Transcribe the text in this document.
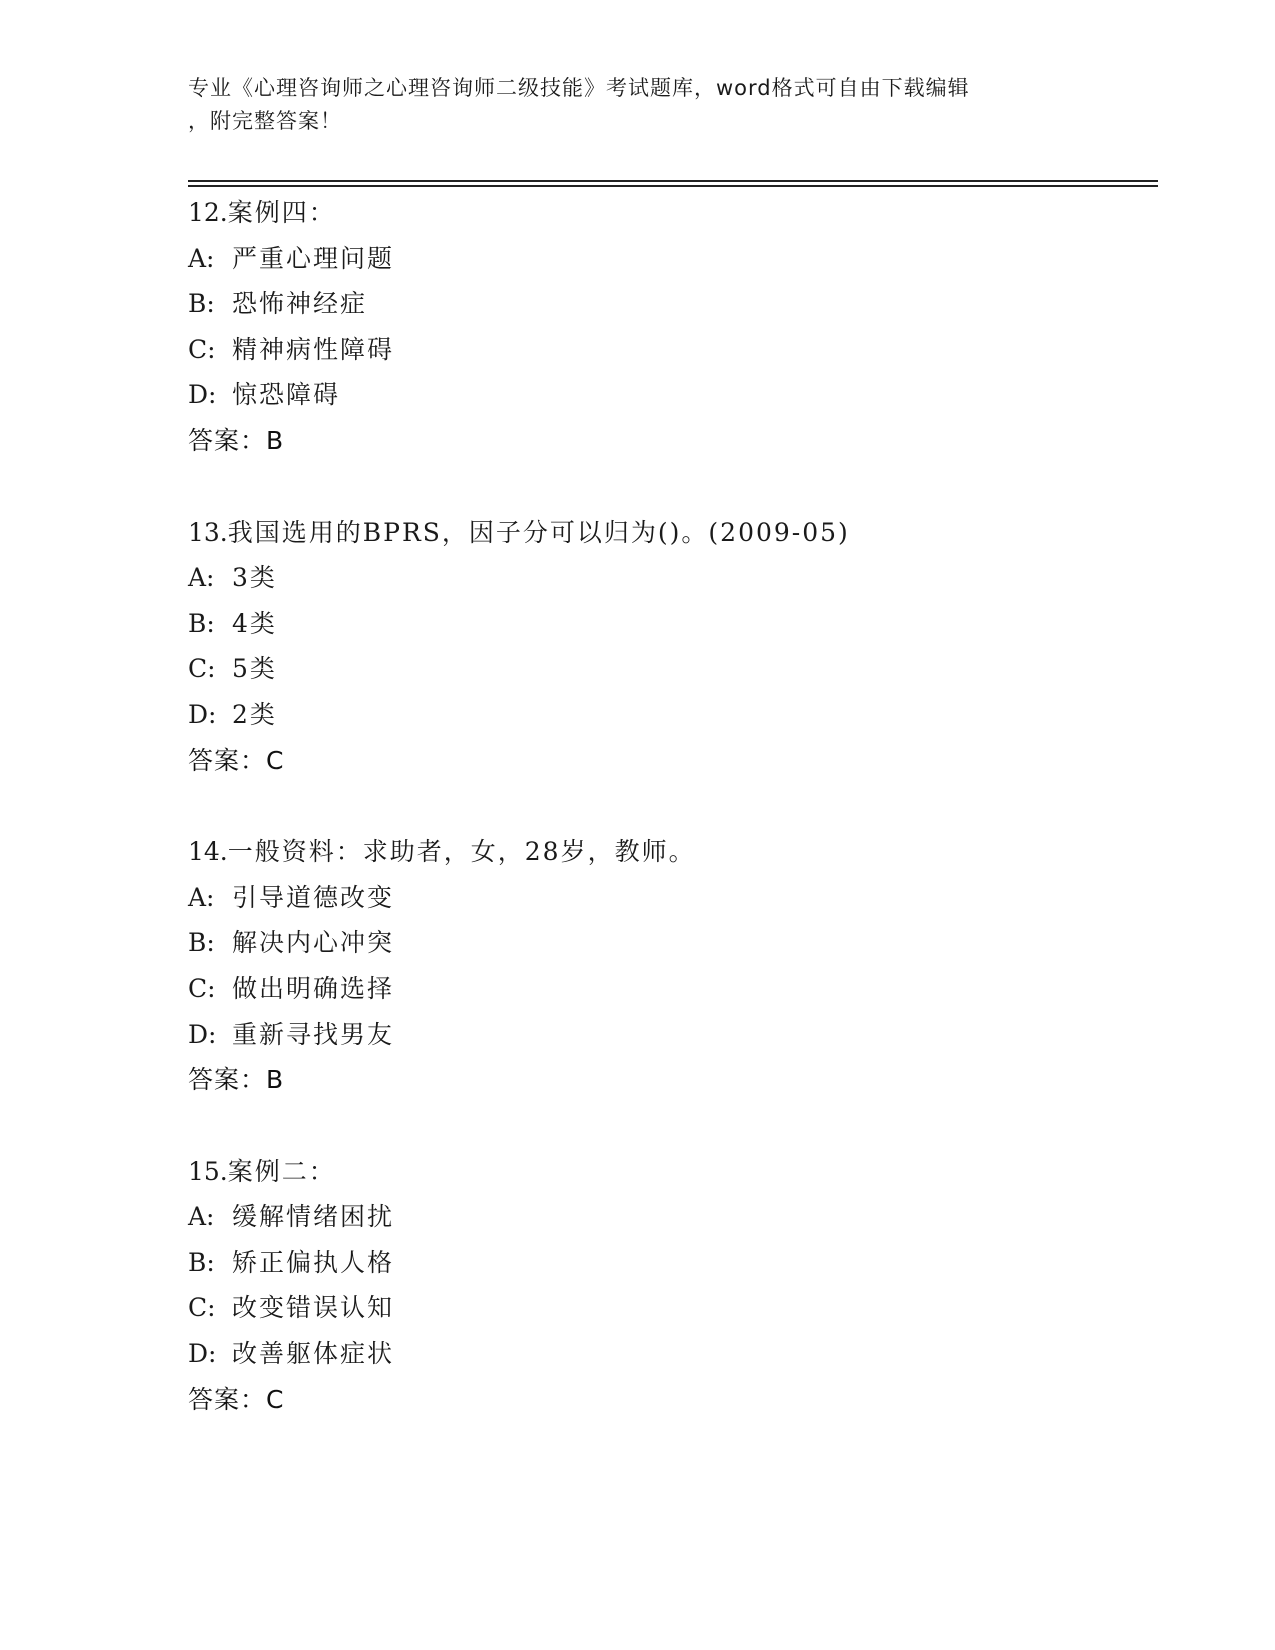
专业《心理咨询师之心理咨询师二级技能》考试题库，word格式可自由下载编辑
，附完整答案！
12.案例四：
A: 严重心理问题
B: 恐怖神经症
C: 精神病性障碍
D: 惊恐障碍
答案：B
13.我国选用的BPRS，因子分可以归为()。(2009-05)
A: 3类
B: 4类
C: 5类
D: 2类
答案：C
14.一般资料：求助者，女，28岁，教师。
A: 引导道德改变
B: 解决内心冲突
C: 做出明确选择
D: 重新寻找男友
答案：B
15.案例二：
A: 缓解情绪困扰
B: 矫正偏执人格
C: 改变错误认知
D: 改善躯体症状
答案：C
